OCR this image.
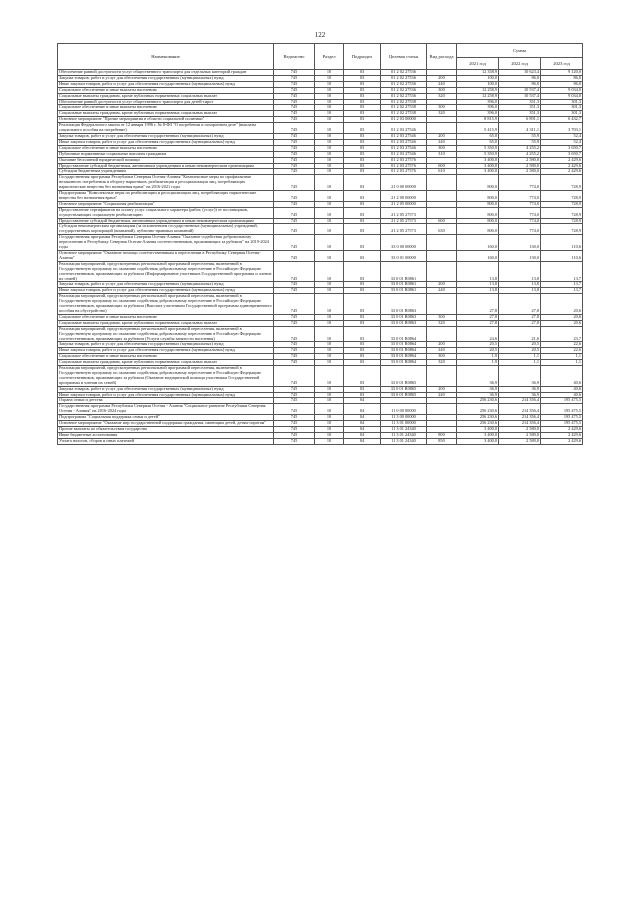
122
Наименование	Ведомство	Раздел	Подраздел	Целевая статья	Вид расхода	Сумма		
						2021 год	2022 год	2023 год
Обеспечение равной доступности услуг общественного транспорта для отдельных категорий граждан	745	10	03	01 2 02 27536		12 358,9	10 623,4	9 120,0
Закупка товаров, работ и услуг для обеспечения государственных (муниципальных) нужд	745	10	03	01 2 02 27536	200	100,0	86,0	86,0
Иные закупки товаров, работ и услуг для обеспечения государственных (муниципальных) нужд	745	10	03	01 2 02 27536	240	100,0	86,0	86,0
Социальное обеспечение и иные выплаты населению	745	10	03	01 2 02 27536	300	12 258,9	10 537,4	9 034,0
Социальные выплаты гражданам, кроме публичных нормативных социальных выплат	745	10	03	01 2 02 27536	320	12 258,9	10 537,4	9 034,0
Обеспечение равной доступности услуг общественного транспорта для детей-сирот	745	10	03	01 2 02 27538		396,0	351,3	301,3
Социальное обеспечение и иные выплаты населению	745	10	03	01 2 02 27538	300	396,0	351,3	301,3
Социальные выплаты гражданам, кроме публичных нормативных социальных выплат	745	10	03	01 2 02 27538	320	396,0	351,3	301,3
Основное мероприятие "Прочие мероприятия в области социальной политики"	745	10	03	01 2 03 00000		8 815,9	6 891,1	6 432,7
Реализация Федерального закона от 12 января 1996 г. № 8-ФЗ "О погребении и похоронном деле" (выплаты социального пособия на погребение)	745	10	03	01 2 03 27546		5 415,9	4 311,1	3 703,1
Закупка товаров, работ и услуг для обеспечения государственных (муниципальных) нужд	745	10	03	01 2 03 27546	200	65,0	55,9	52,4
Иные закупки товаров, работ и услуг для обеспечения государственных (муниципальных) нужд	745	10	03	01 2 03 27546	240	65,0	55,9	52,4
Социальное обеспечение и иные выплаты населению	745	10	03	01 2 03 27546	300	5 350,9	4 255,2	3 650,7
Публичные нормативные социальные выплаты гражданам	745	10	03	01 2 03 27546	310	5 350,9	4 255,2	3 650,7
Оказание бесплатной юридической помощи	745	10	03	01 2 03 27576		3 400,0	2 580,0	2 429,6
Предоставление субсидий бюджетным, автономным учреждениям и иным некоммерческим организациям	745	10	03	01 2 03 27576	600	3 400,0	2 580,0	2 429,6
Субсидии бюджетным учреждениям	745	10	03	01 2 03 27576	610	3 400,0	2 580,0	2 429,6
Государственная программа Республики Северная Осетия-Алания "Комплексные меры по профилактике незаконного потребления и обороту наркотиков, реабилитация и ресоциализация лиц, потребляющих наркотические вещества без назначения врача" на 2016-2021 годы	745	10	03	21 0 00 00000		800,0	774,0	728,9
Подпрограмма "Комплексные меры по реабилитации и ресоциализации лиц, потребляющих наркотические вещества без назначения врача"	745	10	03	21 2 00 00000		800,0	774,0	728,9
Основное мероприятие "Социальная реабилитация"	745	10	03	21 2 05 00000		800,0	774,0	728,9
Предоставление сертификатов на оплату услуг социального характера (работ, (услуг)) от поставщиков, осуществляющих социальную реабилитацию	745	10	03	21 2 05 27573		800,0	774,0	728,9
Предоставление субсидий бюджетным, автономным учреждениям и иным некоммерческим организациям	745	10	03	21 2 05 27573	600	800,0	774,0	728,9
Субсидии некоммерческим организациям (за исключением государственных (муниципальных) учреждений, государственных корпораций (компаний), публично-правовых компаний)	745	10	03	21 2 05 27573	630	800,0	774,0	728,9
Государственная программа Республики Северная Осетия-Алания "Оказание содействия добровольному переселению в Республику Северная Осетия-Алания соотечественников, проживающих за рубежом" на 2019-2024 годы	745	10	03	33 0 00 00000		160,0	130,0	110,6
Основное мероприятие "Оказание помощи соотечественникам в переселении в Республику Северная Осетия-Алания"	745	10	03	33 0 01 00000		160,0	130,0	110,6
Реализация мероприятий, предусмотренных региональной программой переселения, включенной в Государственную программу по оказанию содействия добровольному переселению в Российскую Федерацию соотечественников, проживающих за рубежом (Информирование участников Государственной программы и членов их семей)	745	10	03	33 0 01 R0861		13,8	13,8	13,7
Закупка товаров, работ и услуг для обеспечения государственных (муниципальных) нужд	745	10	03	33 0 01 R0861	200	13,8	13,8	13,7
Иные закупки товаров, работ и услуг для обеспечения государственных (муниципальных) нужд	745	10	03	33 0 01 R0861	240	13,8	13,8	13,7
Реализация мероприятий, предусмотренных региональной программой переселения, включенной в Государственную программу по оказанию содействия добровольному переселению в Российскую Федерацию соотечественников, проживающих за рубежом (Выплата участникам Государственной программы единовременного пособия на обустройство)	745	10	03	33 0 01 R0863		27,8	27,8	20,6
Социальное обеспечение и иные выплаты населению	745	10	03	33 0 01 R0863	300	27,8	27,8	20,6
Социальные выплаты гражданам, кроме публичных нормативных социальных выплат	745	10	03	33 0 01 R0863	320	27,8	27,8	20,6
Реализация мероприятий, предусмотренных региональной программой переселения, включенной в Государственную программу по оказанию содействия добровольному переселению в Российскую Федерацию соотечественников, проживающих за рубежом (Услуги службы занятости населения)	745	10	03	33 0 01 R0864		24,6	21,6	23,7
Закупка товаров, работ и услуг для обеспечения государственных (муниципальных) нужд	745	10	03	33 0 01 R0864	200	20,5	20,5	22,6
Иные закупки товаров, работ и услуг для обеспечения государственных (муниципальных) нужд	745	10	03	33 0 01 R0864	240	20,5	20,5	22,6
Социальное обеспечение и иные выплаты населению	745	10	03	33 0 01 R0864	300	1,9	1,1	1,1
Социальные выплаты гражданам, кроме публичных нормативных социальных выплат	745	10	03	33 0 01 R0864	320	1,9	1,1	1,1
Реализация мероприятий, предусмотренных региональной программой переселения, включенной в Государственную программу по оказанию содействия добровольному переселению в Российскую Федерацию соотечественников, проживающих за рубежом (Оказание медицинской помощи участникам Государственной программы и членам их семей)	745	10	03	33 0 01 R0865		36,9	36,9	40,6
Закупка товаров, работ и услуг для обеспечения государственных (муниципальных) нужд	745	10	03	33 0 01 R0865	200	36,9	36,9	40,6
Иные закупки товаров, работ и услуг для обеспечения государственных (муниципальных) нужд	745	10	03	33 0 01 R0865	240	36,9	36,9	40,6
Охрана семьи и детства	745	10	04			256 230,6	214 356,4	195 475,5
Государственная программа Республики Северная Осетия - Алания "Социальное развитие Республики Северная Осетия - Алания" на 2016-2024 годы	745	10	04	11 0 00 00000		256 230,6	214 356,4	195 475,5
Подпрограмма "Социальная поддержка семьи и детей"	745	10	04	11 3 00 00000		256 230,6	214 356,4	195 475,5
Основное мероприятие "Оказание мер государственной поддержки гражданам, имеющим детей, детям-сиротам"	745	10	04	11 3 01 00000		256 230,6	214 356,4	195 475,5
Прочие выплаты по обязательствам государства	745	10	04	11 3 01 24340		3 400,0	2 580,0	2 429,6
Иные бюджетные ассигнования	745	10	04	11 3 01 24340	800	3 400,0	2 580,0	2 429,6
Уплата налогов, сборов и иных платежей	745	10	04	11 3 01 24340	850	3 400,0	2 580,0	2 429,6
